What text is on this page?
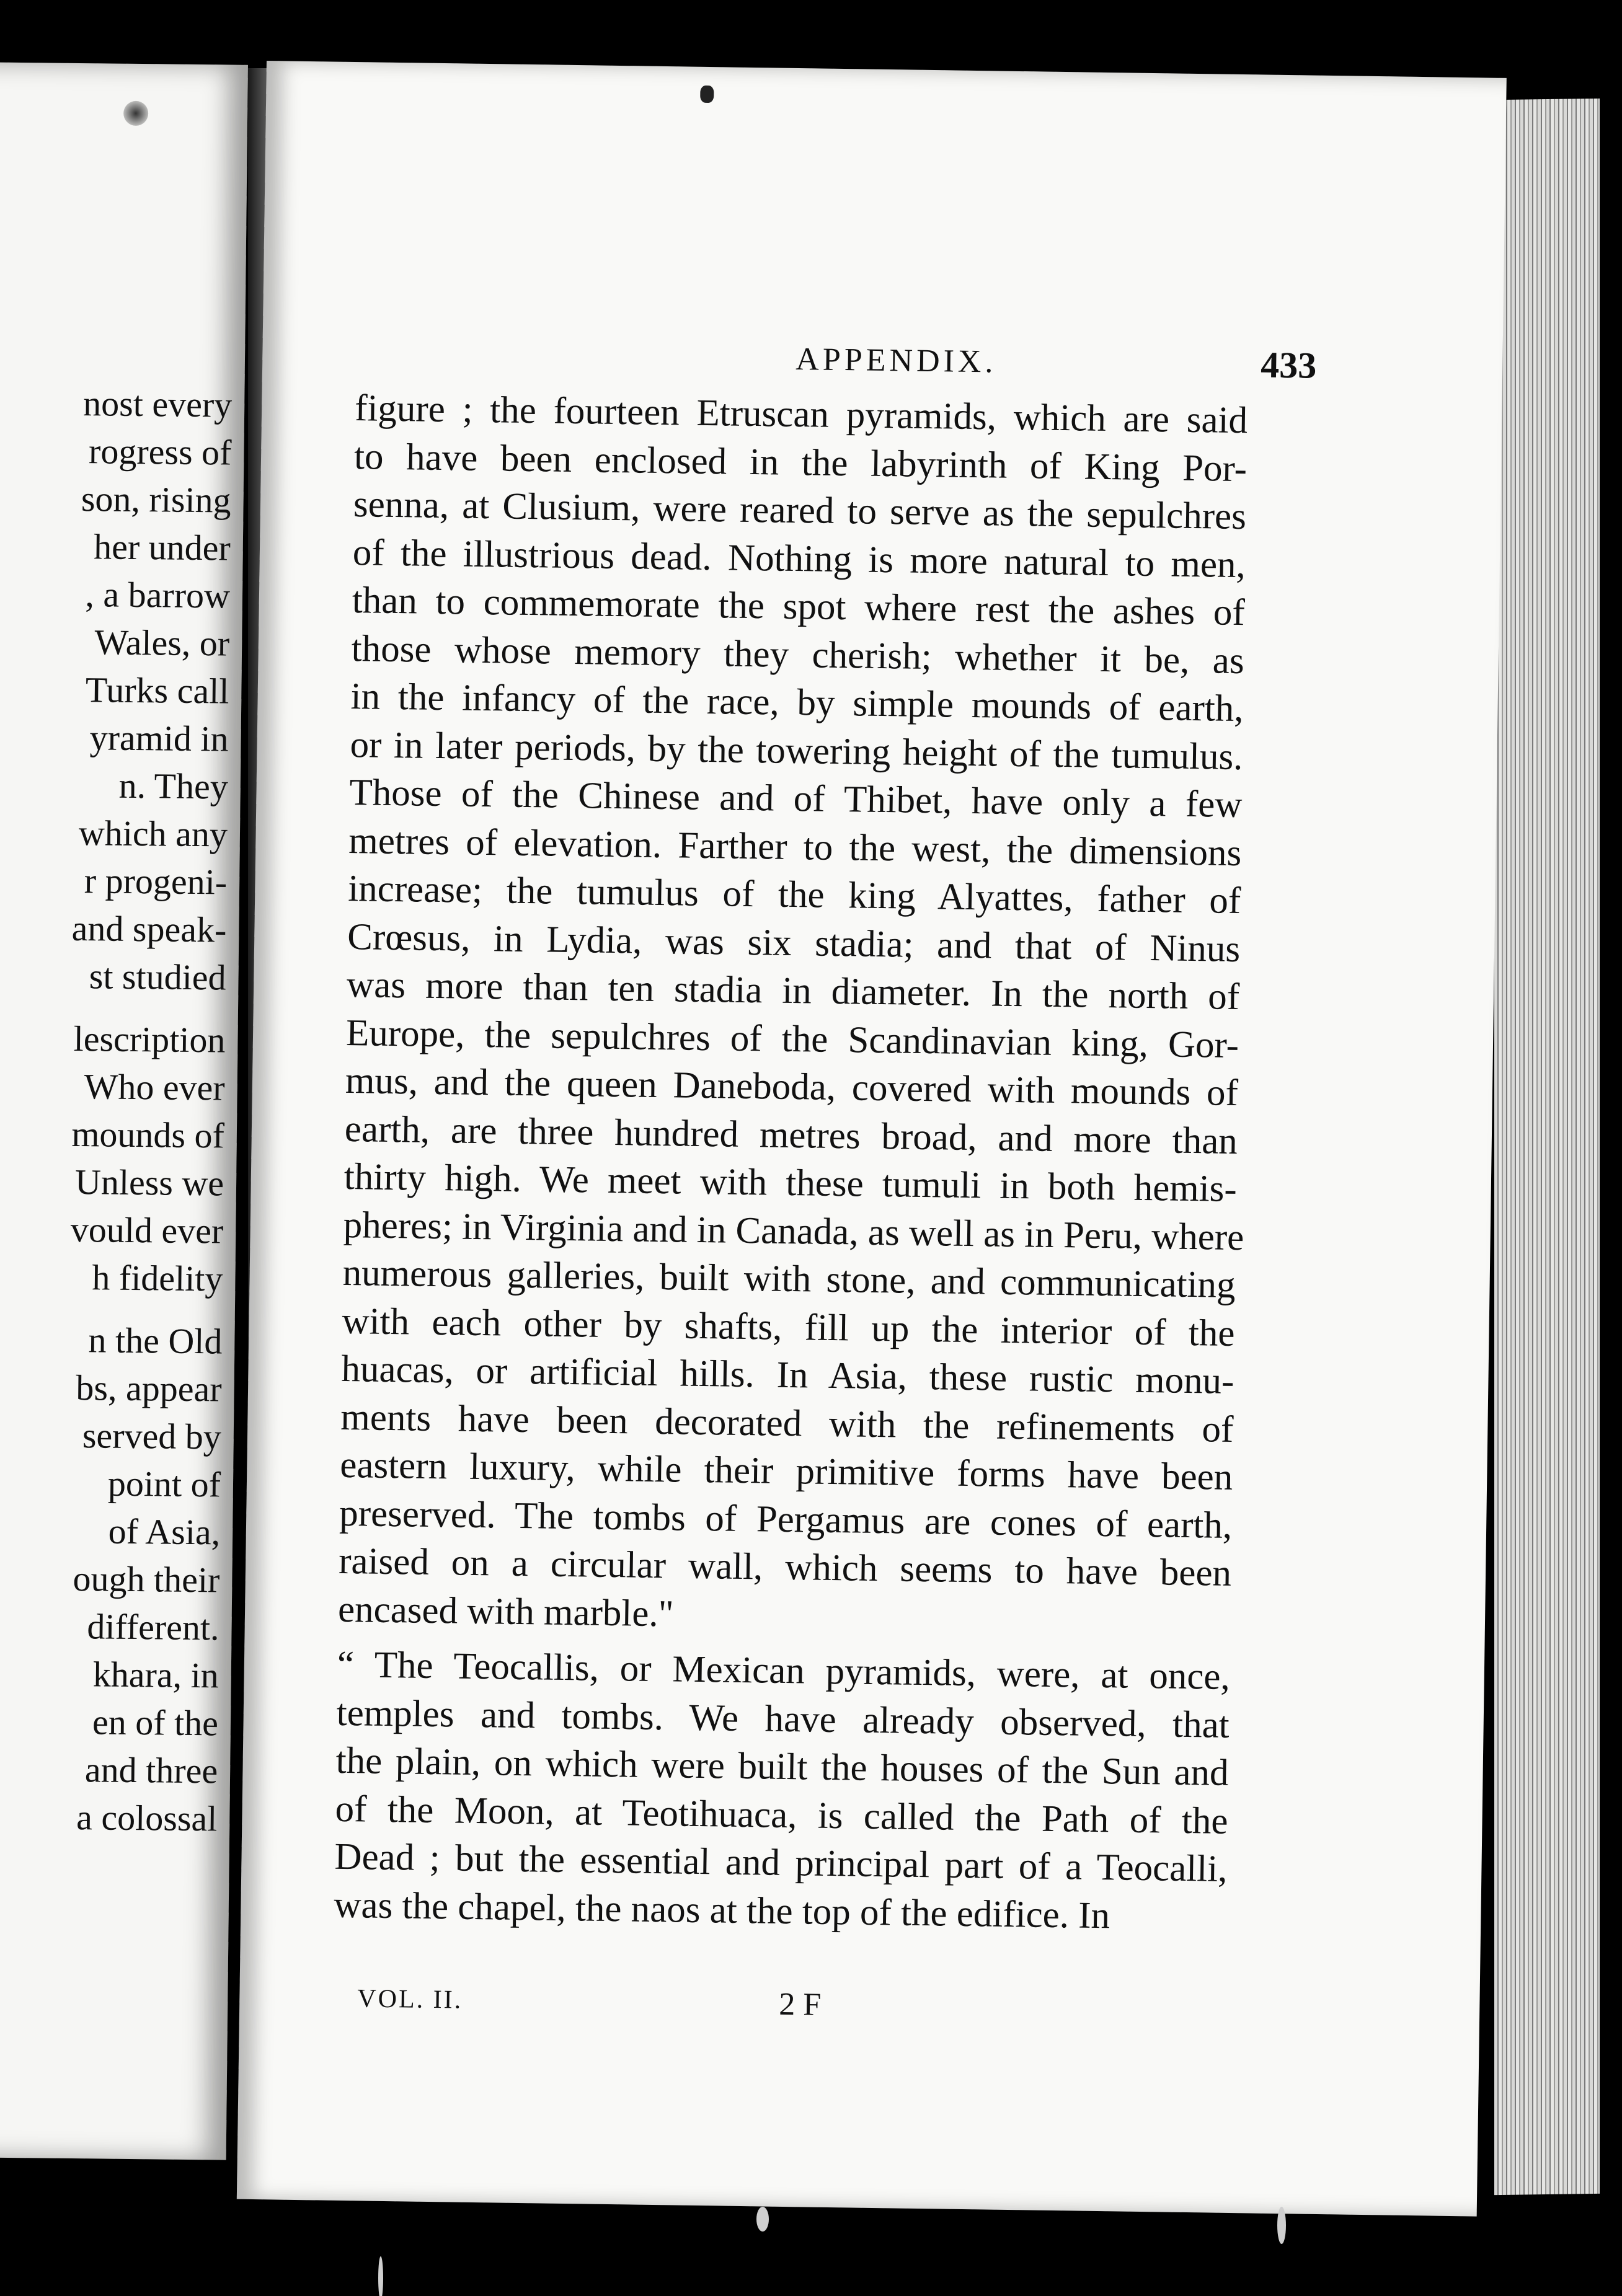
nost every
rogress of
son, rising
her under
, a barrow
Wales, or
Turks call
yramid in
n. They
which any
r progeni-
and speak-
st studied
lescription
Who ever
mounds of
Unless we
vould ever
h fidelity
n the Old
bs, appear
served by
point of
of Asia,
ough their
different.
khara, in
en of the
and three
a colossal
APPENDIX.	433

figure ; the fourteen Etruscan pyramids, which are said
to have been enclosed in the labyrinth of King Por-
senna, at Clusium, were reared to serve as the sepulchres
of the illustrious dead. Nothing is more natural to men,
than to commemorate the spot where rest the ashes of
those whose memory they cherish; whether it be, as
in the infancy of the race, by simple mounds of earth,
or in later periods, by the towering height of the tumulus.
Those of the Chinese and of Thibet, have only a few
metres of elevation. Farther to the west, the dimensions
increase; the tumulus of the king Alyattes, father of
Crœsus, in Lydia, was six stadia; and that of Ninus
was more than ten stadia in diameter. In the north of
Europe, the sepulchres of the Scandinavian king, Gor-
mus, and the queen Daneboda, covered with mounds of
earth, are three hundred metres broad, and more than
thirty high. We meet with these tumuli in both hemis-
pheres; in Virginia and in Canada, as well as in Peru, where
numerous galleries, built with stone, and communicating
with each other by shafts, fill up the interior of the
huacas, or artificial hills. In Asia, these rustic monu-
ments have been decorated with the refinements of
eastern luxury, while their primitive forms have been
preserved. The tombs of Pergamus are cones of earth,
raised on a circular wall, which seems to have been
encased with marble."

“ The Teocallis, or Mexican pyramids, were, at once,
temples and tombs. We have already observed, that
the plain, on which were built the houses of the Sun and
of the Moon, at Teotihuaca, is called the Path of the
Dead ; but the essential and principal part of a Teocalli,
was the chapel, the naos at the top of the edifice. In

VOL. II.	2 F
